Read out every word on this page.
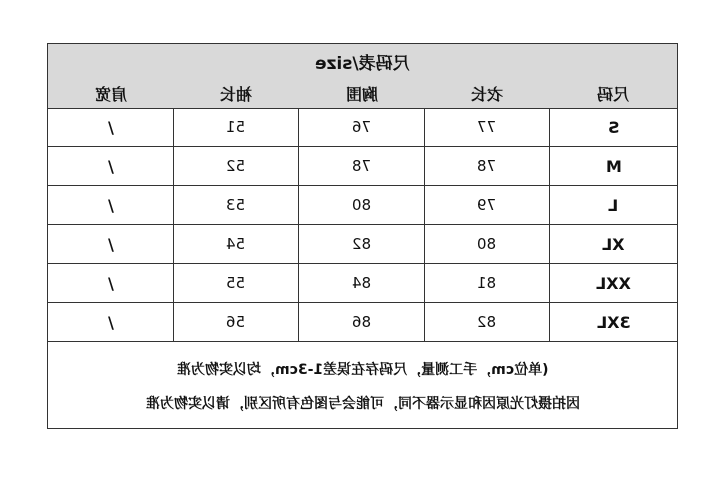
尺码表/size
肩宽	袖长	胸围	衣长	尺码
/	51	76	77	S
/	52	78	78	M
/	53	80	79	L
/	54	82	80	XL
/	55	84	81	XXL
/	56	86	82	3XL
(单位cm，手工测量，尺码存在误差1-3cm，均以实物为准
因拍摄灯光原因和显示器不同，可能会与图色有所区别，请以实物为准
